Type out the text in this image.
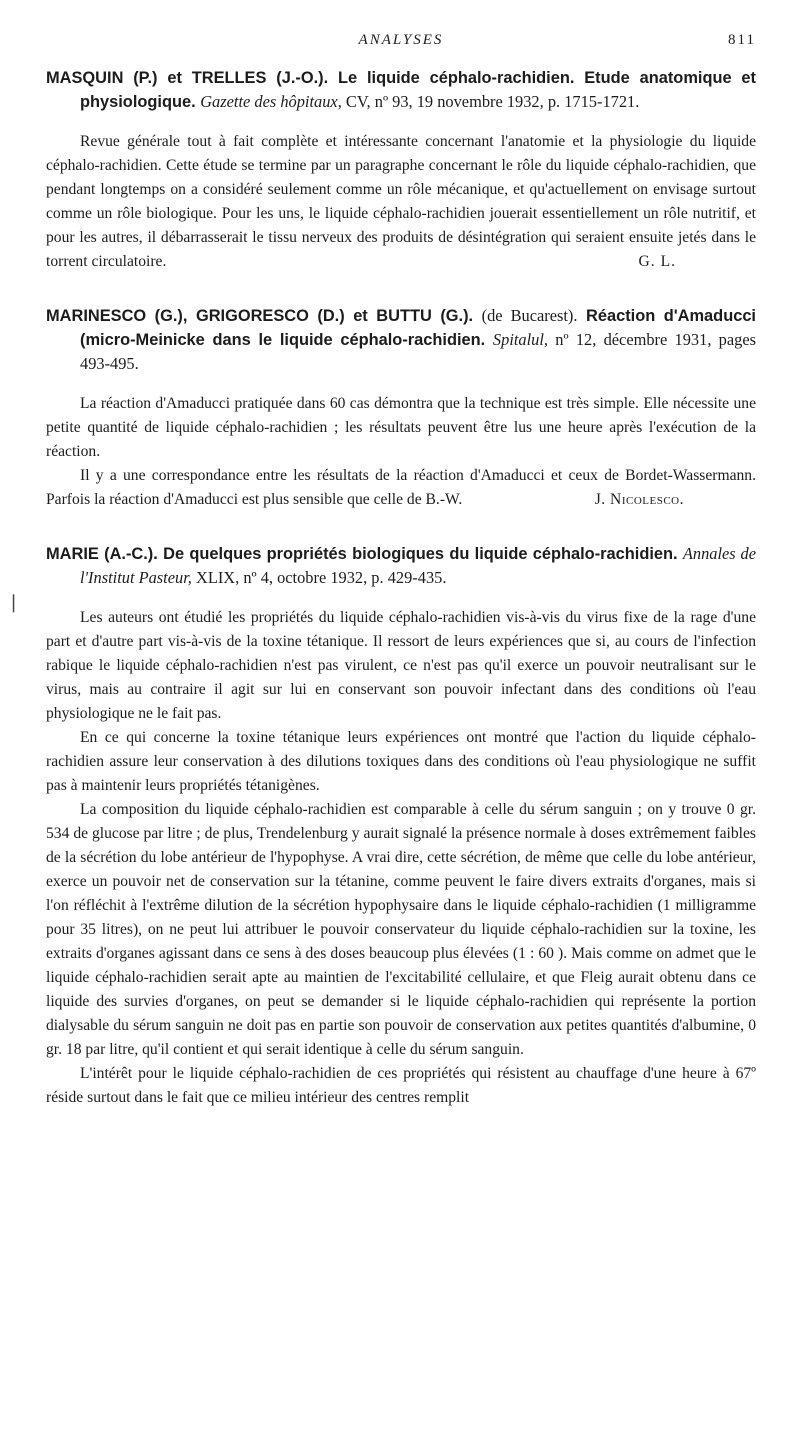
❘
ANALYSES	811
MASQUIN (P.) et TRELLES (J.-O.). Le liquide céphalo-rachidien. Etude anatomique et physiologique. Gazette des hôpitaux, CV, nº 93, 19 novembre 1932, p. 1715-1721.

Revue générale tout à fait complète et intéressante concernant l'anatomie et la physiologie du liquide céphalo-rachidien. Cette étude se termine par un paragraphe concernant le rôle du liquide céphalo-rachidien, que pendant longtemps on a considéré seulement comme un rôle mécanique, et qu'actuellement on envisage surtout comme un rôle biologique. Pour les uns, le liquide céphalo-rachidien jouerait essentiellement un rôle nutritif, et pour les autres, il débarrasserait le tissu nerveux des produits de désintégration qui seraient ensuite jetés dans le torrent circulatoire.	G. L.

MARINESCO (G.), GRIGORESCO (D.) et BUTTU (G.). (de Bucarest). Réaction d'Amaducci (micro-Meinicke dans le liquide céphalo-rachidien. Spitalul, nº 12, décembre 1931, pages 493-495.

La réaction d'Amaducci pratiquée dans 60 cas démontra que la technique est très simple. Elle nécessite une petite quantité de liquide céphalo-rachidien ; les résultats peuvent être lus une heure après l'exécution de la réaction.

Il y a une correspondance entre les résultats de la réaction d'Amaducci et ceux de Bordet-Wassermann. Parfois la réaction d'Amaducci est plus sensible que celle de B.-W.	J. Nicolesco.

MARIE (A.-C.). De quelques propriétés biologiques du liquide céphalo-rachidien. Annales de l'Institut Pasteur, XLIX, nº 4, octobre 1932, p. 429-435.

Les auteurs ont étudié les propriétés du liquide céphalo-rachidien vis-à-vis du virus fixe de la rage d'une part et d'autre part vis-à-vis de la toxine tétanique. Il ressort de leurs expériences que si, au cours de l'infection rabique le liquide céphalo-rachidien n'est pas virulent, ce n'est pas qu'il exerce un pouvoir neutralisant sur le virus, mais au contraire il agit sur lui en conservant son pouvoir infectant dans des conditions où l'eau physiologique ne le fait pas.

En ce qui concerne la toxine tétanique leurs expériences ont montré que l'action du liquide céphalo-rachidien assure leur conservation à des dilutions toxiques dans des conditions où l'eau physiologique ne suffit pas à maintenir leurs propriétés tétanigènes.

La composition du liquide céphalo-rachidien est comparable à celle du sérum sanguin ; on y trouve 0 gr. 534 de glucose par litre ; de plus, Trendelenburg y aurait signalé la présence normale à doses extrêmement faibles de la sécrétion du lobe antérieur de l'hypophyse. A vrai dire, cette sécrétion, de même que celle du lobe antérieur, exerce un pouvoir net de conservation sur la tétanine, comme peuvent le faire divers extraits d'organes, mais si l'on réfléchit à l'extrême dilution de la sécrétion hypophysaire dans le liquide céphalo-rachidien (1 milligramme pour 35 litres), on ne peut lui attribuer le pouvoir conservateur du liquide céphalo-rachidien sur la toxine, les extraits d'organes agissant dans ce sens à des doses beaucoup plus élevées (1 : 60 ). Mais comme on admet que le liquide céphalo-rachidien serait apte au maintien de l'excitabilité cellulaire, et que Fleig aurait obtenu dans ce liquide des survies d'organes, on peut se demander si le liquide céphalo-rachidien qui représente la portion dialysable du sérum sanguin ne doit pas en partie son pouvoir de conservation aux petites quantités d'albumine, 0 gr. 18 par litre, qu'il contient et qui serait identique à celle du sérum sanguin.

L'intérêt pour le liquide céphalo-rachidien de ces propriétés qui résistent au chauffage d'une heure à 67º réside surtout dans le fait que ce milieu intérieur des centres remplit
